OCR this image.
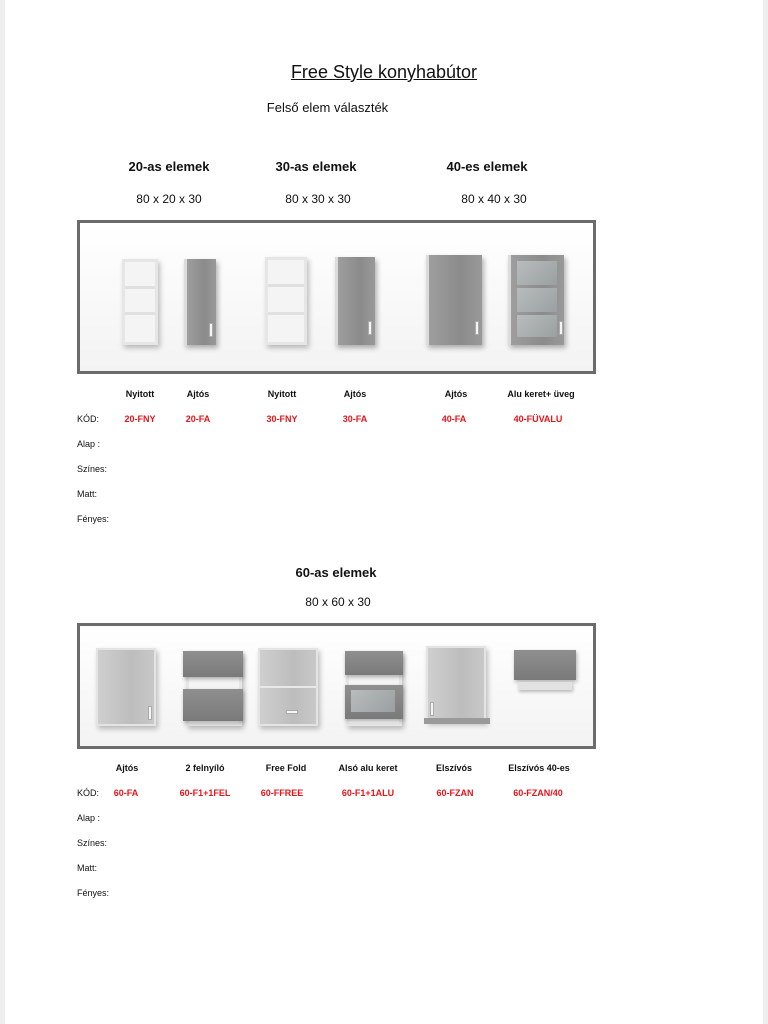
Free Style konyhabútor
Felső elem választék
20-as elemek
80 x 20 x 30
30-as elemek
80 x 30 x 30
40-es elemek
80 x 40 x 30
Nyitott	Ajtós	Nyitott	Ajtós	Ajtós	Alu keret+ üveg
KÓD:	20-FNY	20-FA	30-FNY	30-FA	40-FA	40-FÜVALU
Alap :
Színes:
Matt:
Fényes:
60-as elemek
80 x 60 x 30
Ajtós	2 felnyíló	Free Fold	Alsó alu keret	Elszívós	Elszívós 40-es
KÓD:	60-FA	60-F1+1FEL	60-FFREE	60-F1+1ALU	60-FZAN	60-FZAN/40
Alap :
Színes:
Matt:
Fényes:
